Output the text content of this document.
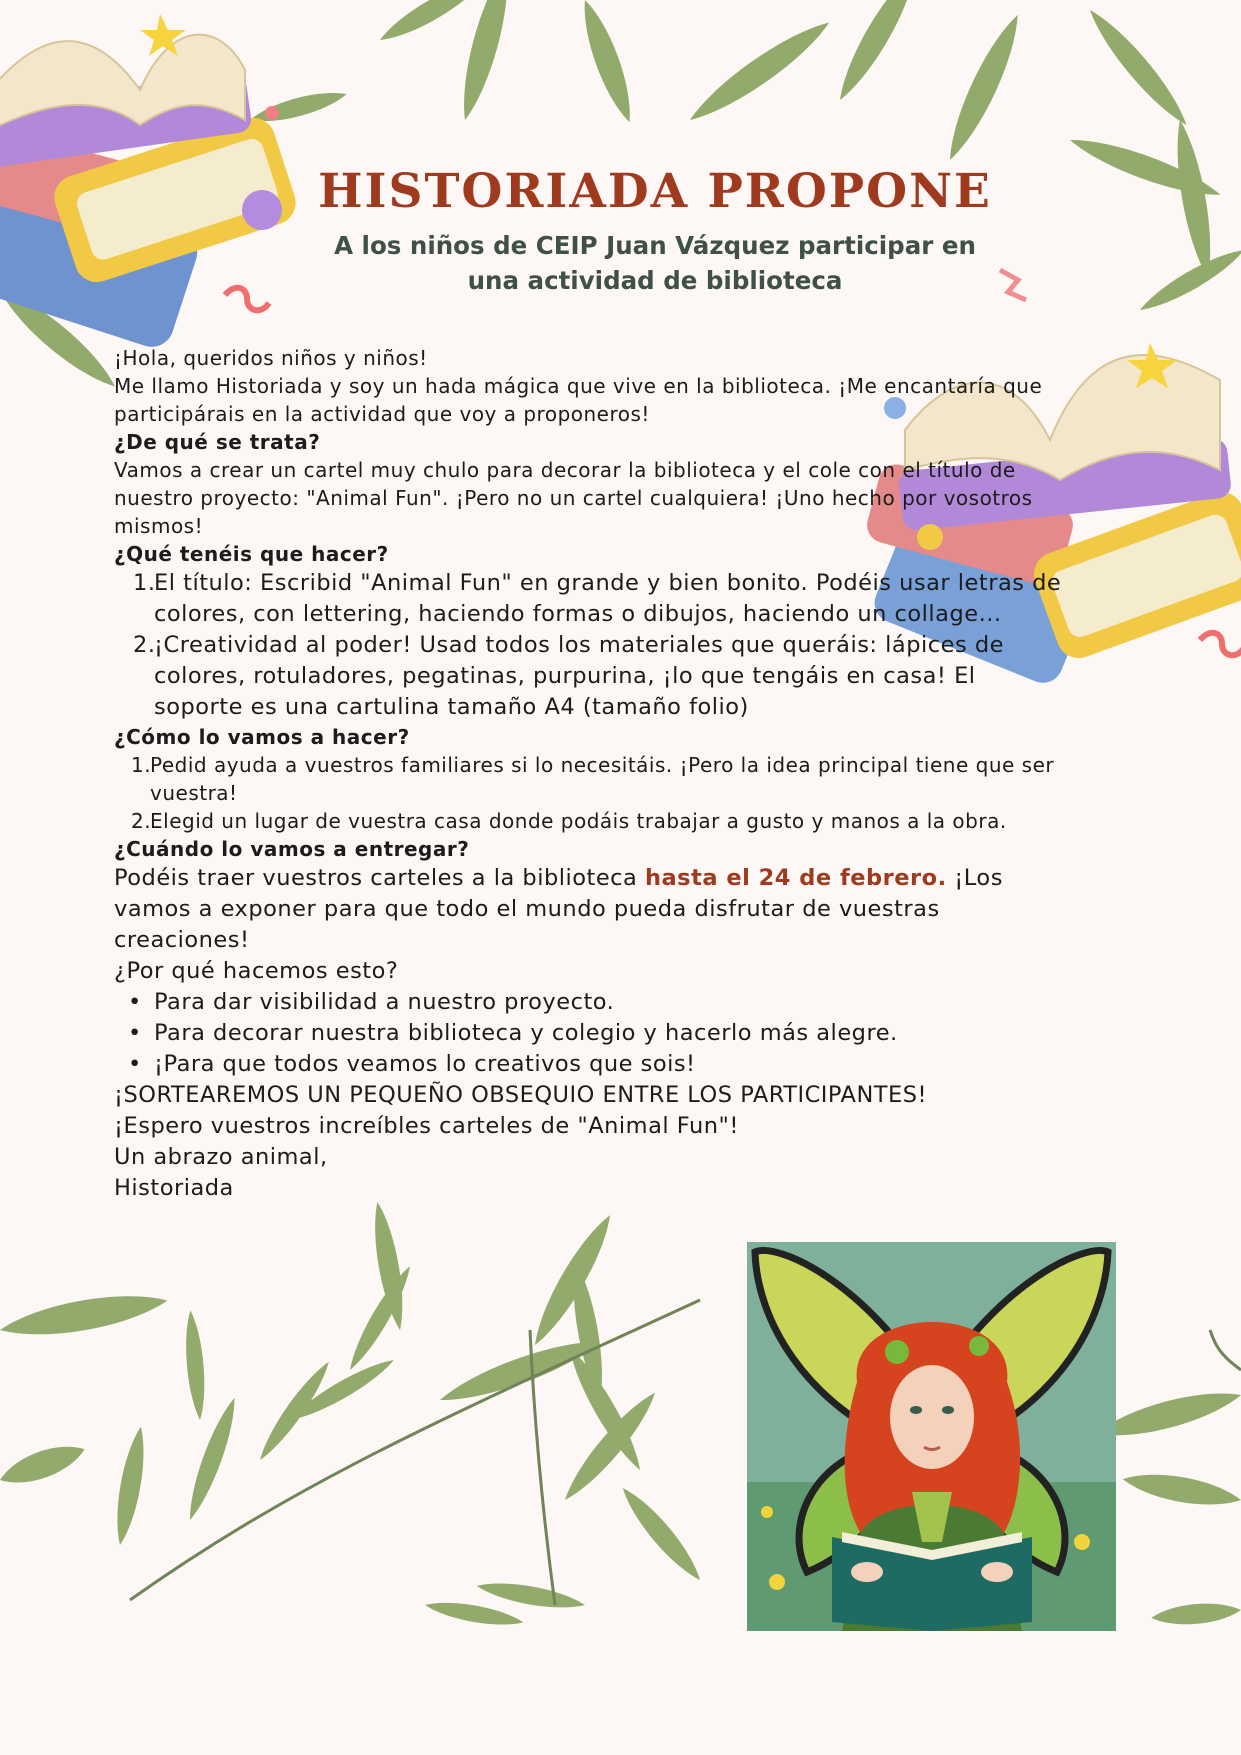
HISTORIADA PROPONE
A los niños de CEIP Juan Vázquez participar en
una actividad de biblioteca

¡Hola, queridos niños y niños!

Me llamo Historiada y soy un hada mágica que vive en la biblioteca. ¡Me encantaría que participárais en la actividad que voy a proponeros!

¿De qué se trata?

Vamos a crear un cartel muy chulo para decorar la biblioteca y el cole con el título de nuestro proyecto: "Animal Fun". ¡Pero no un cartel cualquiera! ¡Uno hecho por vosotros mismos!

¿Qué tenéis que hacer?
1.
El título: Escribid "Animal Fun" en grande y bien bonito. Podéis usar letras de colores, con lettering, haciendo formas o dibujos, haciendo un collage...
2.
¡Creatividad al poder! Usad todos los materiales que queráis: lápices de colores, rotuladores, pegatinas, purpurina, ¡lo que tengáis en casa! El soporte es una cartulina tamaño A4 (tamaño folio)
¿Cómo lo vamos a hacer?
1.
Pedid ayuda a vuestros familiares si lo necesitáis. ¡Pero la idea principal tiene que ser vuestra!
2.
Elegid un lugar de vuestra casa donde podáis trabajar a gusto y manos a la obra.
¿Cuándo lo vamos a entregar?

Podéis traer vuestros carteles a la biblioteca hasta el 24 de febrero. ¡Los vamos a exponer para que todo el mundo pueda disfrutar de vuestras creaciones!

¿Por qué hacemos esto?

• Para dar visibilidad a nuestro proyecto.
• Para decorar nuestra biblioteca y colegio y hacerlo más alegre.
• ¡Para que todos veamos lo creativos que sois!

¡SORTEAREMOS UN PEQUEÑO OBSEQUIO ENTRE LOS PARTICIPANTES!

¡Espero vuestros increíbles carteles de "Animal Fun"!

Un abrazo animal,

Historiada
